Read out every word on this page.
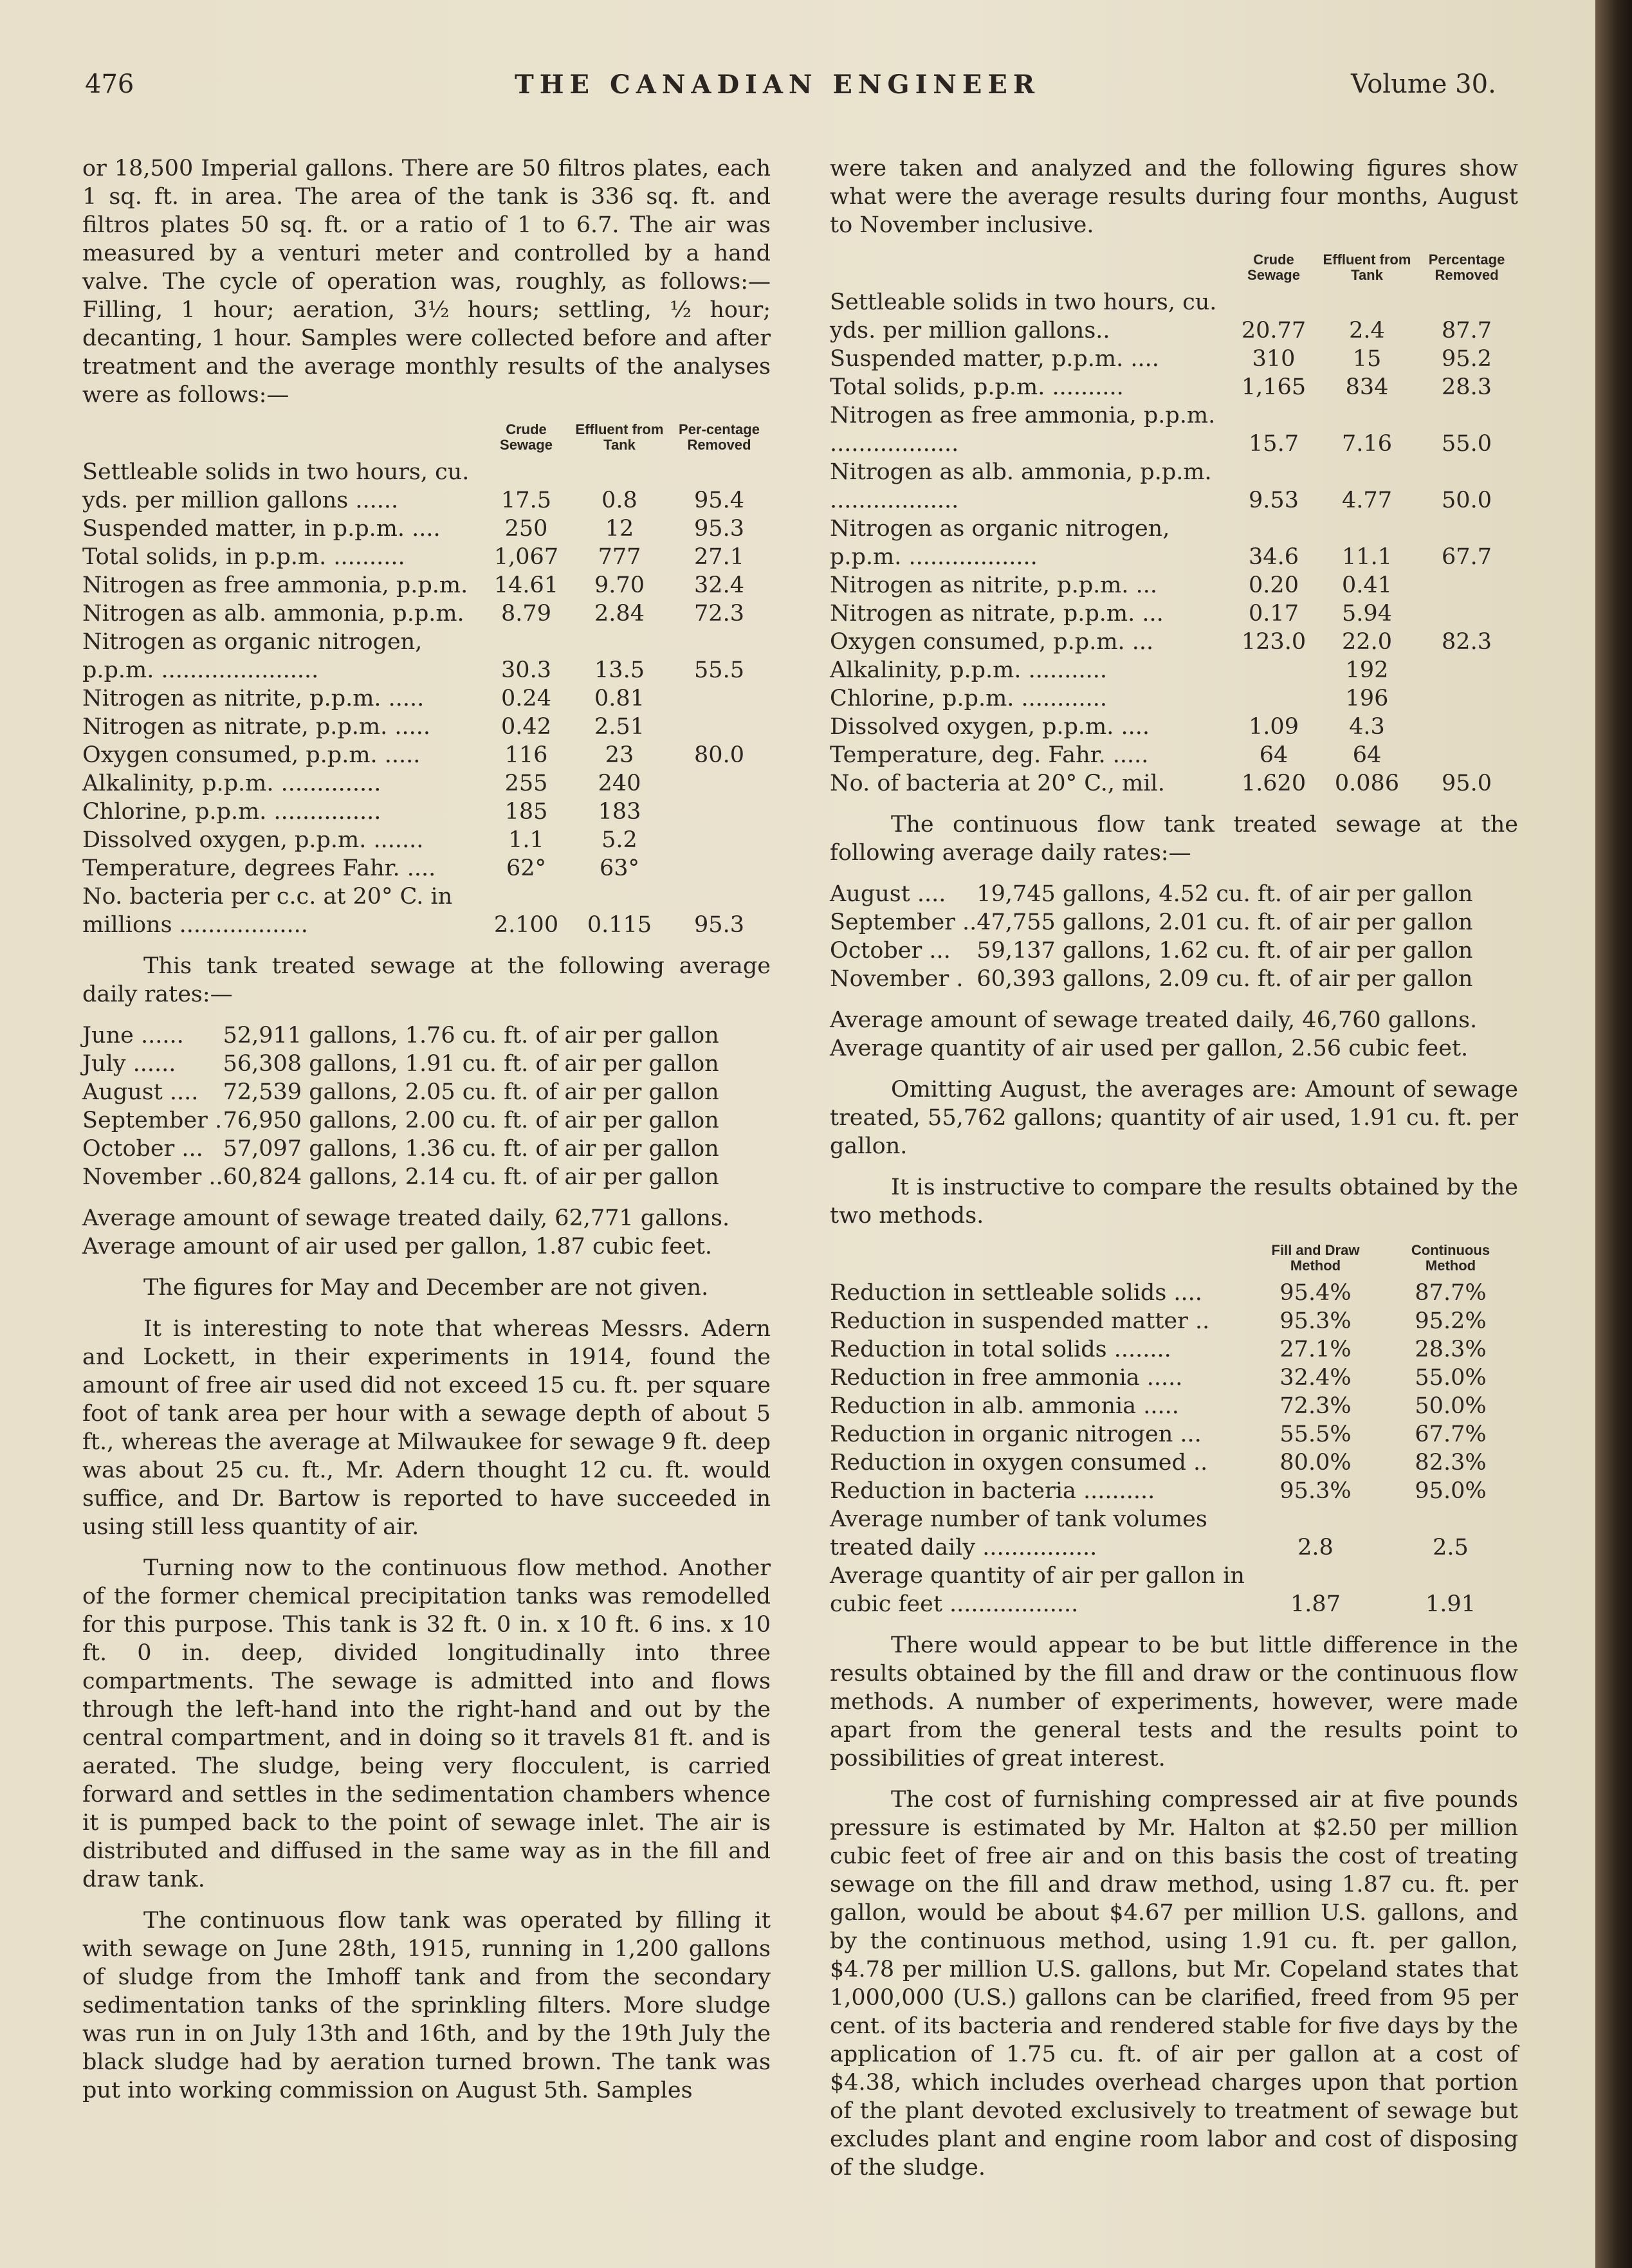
476	THE CANADIAN ENGINEER	Volume 30.

or 18,500 Imperial gallons. There are 50 filtros plates, each 1 sq. ft. in area. The area of the tank is 336 sq. ft. and filtros plates 50 sq. ft. or a ratio of 1 to 6.7. The air was measured by a venturi meter and controlled by a hand valve. The cycle of operation was, roughly, as follows:— Filling, 1 hour; aeration, 3½ hours; settling, ½ hour; decanting, 1 hour. Samples were collected before and after treatment and the average monthly results of the analyses were as follows:—

	Crude Sewage	Effluent from Tank	Per-centage Removed
Settleable solids in two hours, cu. yds. per million gallons ......	17.5	0.8	95.4
Suspended matter, in p.p.m. ....	250	12	95.3
Total solids, in p.p.m. ..........	1,067	777	27.1
Nitrogen as free ammonia, p.p.m.	14.61	9.70	32.4
Nitrogen as alb. ammonia, p.p.m.	8.79	2.84	72.3
Nitrogen as organic nitrogen, p.p.m. ......................	30.3	13.5	55.5
Nitrogen as nitrite, p.p.m. .....	0.24	0.81	
Nitrogen as nitrate, p.p.m. .....	0.42	2.51	
Oxygen consumed, p.p.m. .....	116	23	80.0
Alkalinity, p.p.m. ..............	255	240	
Chlorine, p.p.m. ...............	185	183	
Dissolved oxygen, p.p.m. .......	1.1	5.2	
Temperature, degrees Fahr. ....	62°	63°	
No. bacteria per c.c. at 20° C. in millions ..................	2.100	0.115	95.3

This tank treated sewage at the following average daily rates:—

June ......	52,911 gallons, 1.76 cu. ft. of air per gallon
July ......	56,308 gallons, 1.91 cu. ft. of air per gallon
August ....	72,539 gallons, 2.05 cu. ft. of air per gallon
September .	76,950 gallons, 2.00 cu. ft. of air per gallon
October ...	57,097 gallons, 1.36 cu. ft. of air per gallon
November ..	60,824 gallons, 2.14 cu. ft. of air per gallon
Average amount of sewage treated daily, 62,771 gallons.
Average amount of air used per gallon, 1.87 cubic feet.

The figures for May and December are not given.

It is interesting to note that whereas Messrs. Adern and Lockett, in their experiments in 1914, found the amount of free air used did not exceed 15 cu. ft. per square foot of tank area per hour with a sewage depth of about 5 ft., whereas the average at Milwaukee for sewage 9 ft. deep was about 25 cu. ft., Mr. Adern thought 12 cu. ft. would suffice, and Dr. Bartow is reported to have succeeded in using still less quantity of air.

Turning now to the continuous flow method. Another of the former chemical precipitation tanks was remodelled for this purpose. This tank is 32 ft. 0 in. x 10 ft. 6 ins. x 10 ft. 0 in. deep, divided longitudinally into three compartments. The sewage is admitted into and flows through the left-hand into the right-hand and out by the central compartment, and in doing so it travels 81 ft. and is aerated. The sludge, being very flocculent, is carried forward and settles in the sedimentation chambers whence it is pumped back to the point of sewage inlet. The air is distributed and diffused in the same way as in the fill and draw tank.

The continuous flow tank was operated by filling it with sewage on June 28th, 1915, running in 1,200 gallons of sludge from the Imhoff tank and from the secondary sedimentation tanks of the sprinkling filters. More sludge was run in on July 13th and 16th, and by the 19th July the black sludge had by aeration turned brown. The tank was put into working commission on August 5th. Samples

were taken and analyzed and the following figures show what were the average results during four months, August to November inclusive.

	Crude Sewage	Effluent from Tank	Percentage Removed
Settleable solids in two hours, cu. yds. per million gallons..	20.77	2.4	87.7
Suspended matter, p.p.m. ....	310	15	95.2
Total solids, p.p.m. ..........	1,165	834	28.3
Nitrogen as free ammonia, p.p.m. ..................	15.7	7.16	55.0
Nitrogen as alb. ammonia, p.p.m. ..................	9.53	4.77	50.0
Nitrogen as organic nitrogen, p.p.m. ..................	34.6	11.1	67.7
Nitrogen as nitrite, p.p.m. ...	0.20	0.41	
Nitrogen as nitrate, p.p.m. ...	0.17	5.94	
Oxygen consumed, p.p.m. ...	123.0	22.0	82.3
Alkalinity, p.p.m. ...........		192	
Chlorine, p.p.m. ............		196	
Dissolved oxygen, p.p.m. ....	1.09	4.3	
Temperature, deg. Fahr. .....	64	64	
No. of bacteria at 20° C., mil.	1.620	0.086	95.0

The continuous flow tank treated sewage at the following average daily rates:—

August ....	19,745 gallons, 4.52 cu. ft. of air per gallon
September ..	47,755 gallons, 2.01 cu. ft. of air per gallon
October ...	59,137 gallons, 1.62 cu. ft. of air per gallon
November .	60,393 gallons, 2.09 cu. ft. of air per gallon
Average amount of sewage treated daily, 46,760 gallons.
Average quantity of air used per gallon, 2.56 cubic feet.

Omitting August, the averages are: Amount of sewage treated, 55,762 gallons; quantity of air used, 1.91 cu. ft. per gallon.

It is instructive to compare the results obtained by the two methods.

	Fill and Draw Method	Continuous Method
Reduction in settleable solids ....	95.4%	87.7%
Reduction in suspended matter ..	95.3%	95.2%
Reduction in total solids ........	27.1%	28.3%
Reduction in free ammonia .....	32.4%	55.0%
Reduction in alb. ammonia .....	72.3%	50.0%
Reduction in organic nitrogen ...	55.5%	67.7%
Reduction in oxygen consumed ..	80.0%	82.3%
Reduction in bacteria ..........	95.3%	95.0%
Average number of tank volumes treated daily ................	2.8	2.5
Average quantity of air per gallon in cubic feet ..................	1.87	1.91

There would appear to be but little difference in the results obtained by the fill and draw or the continuous flow methods. A number of experiments, however, were made apart from the general tests and the results point to possibilities of great interest.

The cost of furnishing compressed air at five pounds pressure is estimated by Mr. Halton at $2.50 per million cubic feet of free air and on this basis the cost of treating sewage on the fill and draw method, using 1.87 cu. ft. per gallon, would be about $4.67 per million U.S. gallons, and by the continuous method, using 1.91 cu. ft. per gallon, $4.78 per million U.S. gallons, but Mr. Copeland states that 1,000,000 (U.S.) gallons can be clarified, freed from 95 per cent. of its bacteria and rendered stable for five days by the application of 1.75 cu. ft. of air per gallon at a cost of $4.38, which includes overhead charges upon that portion of the plant devoted exclusively to treatment of sewage but excludes plant and engine room labor and cost of disposing of the sludge.
